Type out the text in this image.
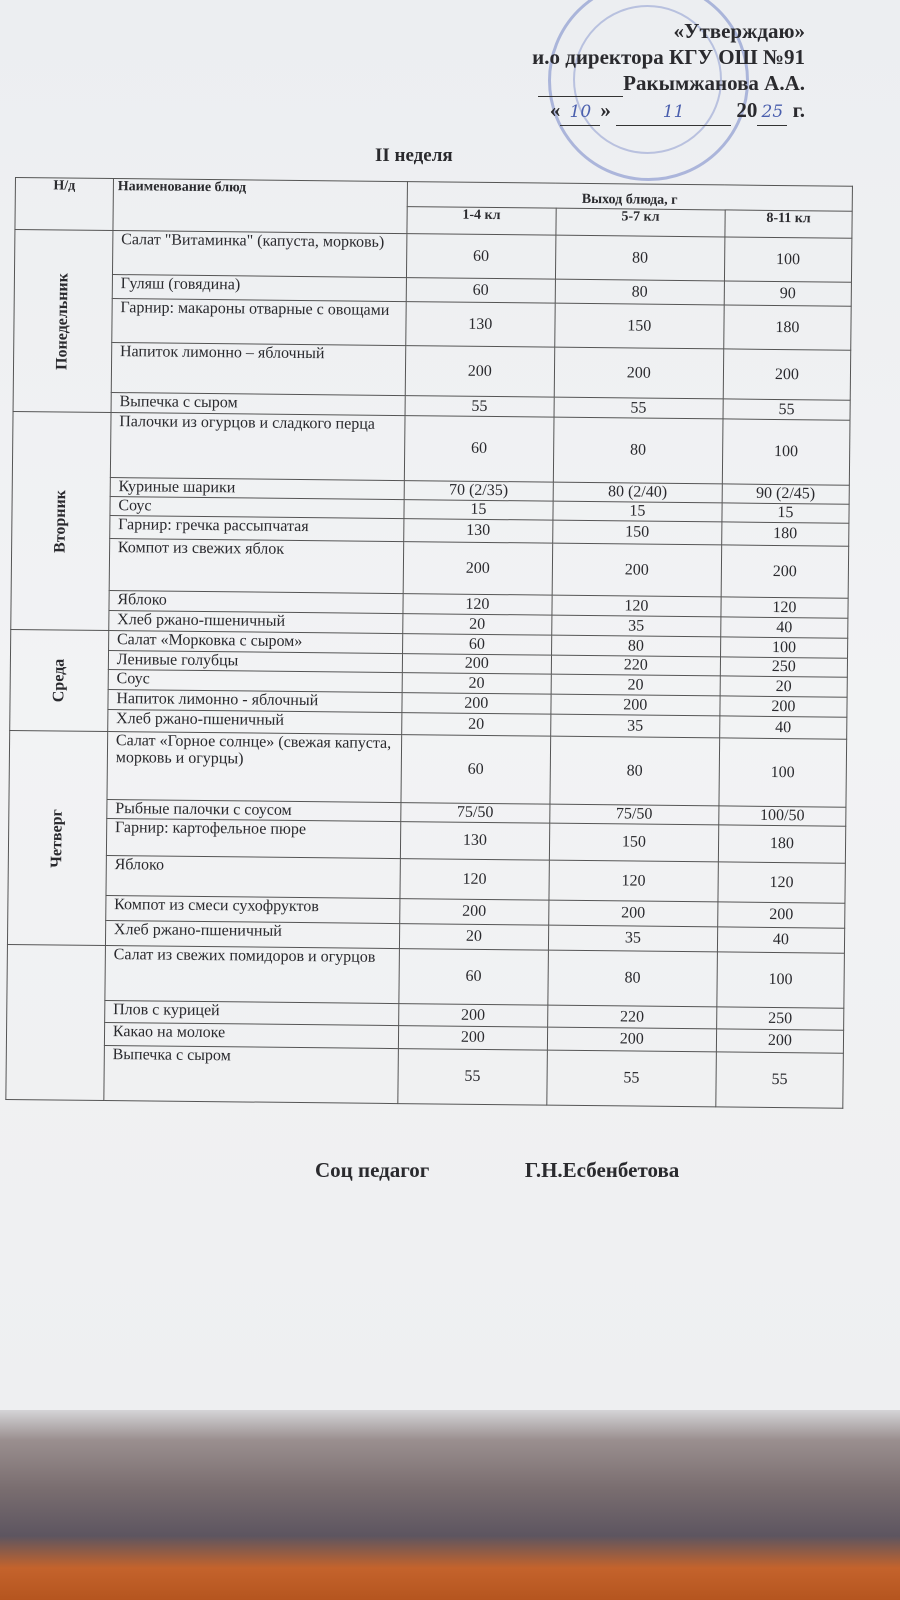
«Утверждаю»
и.о директора КГУ ОШ №91
Ракымжанова А.А.
« 10 »	11 20 25 г.
II неделя
Н/д	Наименование блюд	Выход блюда, г		
		1-4 кл	5-7 кл	8-11 кл
Понедельник	Салат "Витаминка" (капуста, морковь)	60	80	100
	Гуляш (говядина)	60	80	90
	Гарнир: макароны отварные с овощами	130	150	180
	Напиток лимонно – яблочный	200	200	200
	Выпечка с сыром	55	55	55
Вторник	Палочки из огурцов и сладкого перца	60	80	100
	Куриные шарики	70 (2/35)	80 (2/40)	90 (2/45)
	Соус	15	15	15
	Гарнир: гречка рассыпчатая	130	150	180
	Компот из свежих яблок	200	200	200
	Яблоко	120	120	120
	Хлеб ржано-пшеничный	20	35	40
Среда	Салат «Морковка с сыром»	60	80	100
	Ленивые голубцы	200	220	250
	Соус	20	20	20
	Напиток лимонно - яблочный	200	200	200
	Хлеб ржано-пшеничный	20	35	40
Четверг	Салат «Горное солнце» (свежая капуста, морковь и огурцы)	60	80	100
	Рыбные палочки с соусом	75/50	75/50	100/50
	Гарнир: картофельное пюре	130	150	180
	Яблоко	120	120	120
	Компот из смеси сухофруктов	200	200	200
	Хлеб ржано-пшеничный	20	35	40
	Салат из свежих помидоров и огурцов	60	80	100
	Плов с курицей	200	220	250
	Какао на молоке	200	200	200
	Выпечка с сыром	55	55	55
Соц педагог	Г.Н.Есбенбетова
